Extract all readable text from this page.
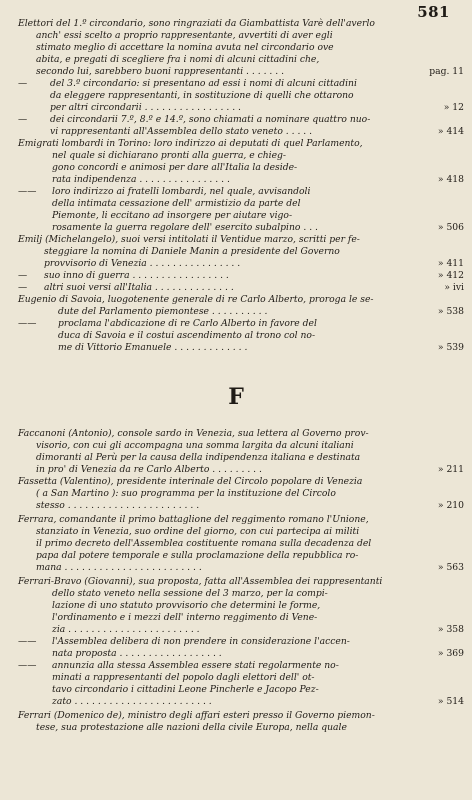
581
F
Elettori del 1.º circondario, sono ringraziati da Giambattista Varè dell'averlo
anch' essi scelto a proprio rappresentante, avvertiti di aver egli
stimato meglio di accettare la nomina avuta nel circondario ove
abita, e pregati di scegliere fra i nomi di alcuni cittadini che,
secondo lui, sarebbero buoni rappresentanti . . . . . . .	pag. 11
— del 3.º circondario: si presentano ad essi i nomi di alcuni cittadini
da eleggere rappresentanti, in sostituzione di quelli che ottarono
per altri circondarii . . . . . . . . . . . . . . . . .	» 12
— dei circondarii 7.º, 8.º e 14.º, sono chiamati a nominare quattro nuo-
vi rappresentanti all'Assemblea dello stato veneto . . . . .	» 414
Emigrati lombardi in Torino: loro indirizzo ai deputati di quel Parlamento,
nel quale si dichiarano pronti alla guerra, e chieg-
gono concordi e animosi per dare all'Italia la deside-
rata indipendenza . . . . . . . . . . . . . . . .	» 418
—— loro indirizzo ai fratelli lombardi, nel quale, avvisandoli
della intimata cessazione dell' armistizio da parte del
Piemonte, li eccitano ad insorgere per aiutare vigo-
rosamente la guerra regolare dell' esercito subalpino . . .	» 506
Emilj (Michelangelo), suoi versi intitolati il Ventidue marzo, scritti per fe-
steggiare la nomina di Daniele Manin a presidente del Governo
provvisorio di Venezia . . . . . . . . . . . . . . . .	» 411
— suo inno di guerra . . . . . . . . . . . . . . . . .	» 412
— altri suoi versi all'Italia . . . . . . . . . . . . . .	» ivi
Eugenio di Savoia, luogotenente generale di re Carlo Alberto, proroga le se-
dute del Parlamento piemontese . . . . . . . . . .	» 538
—— proclama l'abdicazione di re Carlo Alberto in favore del
duca di Savoia e il costui ascendimento al trono col no-
me di Vittorio Emanuele . . . . . . . . . . . . .	» 539
Faccanoni (Antonio), console sardo in Venezia, sua lettera al Governo prov-
visorio, con cui gli accompagna una somma largita da alcuni italiani
dimoranti al Perù per la causa della indipendenza italiana e destinata
in pro' di Venezia da re Carlo Alberto . . . . . . . . .	» 211
Fassetta (Valentino), presidente interinale del Circolo popolare di Venezia
( a San Martino ): suo programma per la instituzione del Circolo
stesso . . . . . . . . . . . . . . . . . . . . . . .	» 210
Ferrara, comandante il primo battaglione del reggimento romano l'Unione,
stanziato in Venezia, suo ordine del giorno, con cui partecipa ai militi
il primo decreto dell'Assemblea costituente romana sulla decadenza del
papa dal potere temporale e sulla proclamazione della repubblica ro-
mana . . . . . . . . . . . . . . . . . . . . . . . .	» 563
Ferrari-Bravo (Giovanni), sua proposta, fatta all'Assemblea dei rappresentanti
dello stato veneto nella sessione del 3 marzo, per la compi-
lazione di uno statuto provvisorio che determini le forme,
l'ordinamento e i mezzi dell' interno reggimento di Vene-
zia . . . . . . . . . . . . . . . . . . . . . . .	» 358
—— l'Assemblea delibera di non prendere in considerazione l'accen-
nata proposta . . . . . . . . . . . . . . . . . .	» 369
—— annunzia alla stessa Assemblea essere stati regolarmente no-
minati a rappresentanti del popolo dagli elettori dell' ot-
tavo circondario i cittadini Leone Pincherle e Jacopo Pez-
zato . . . . . . . . . . . . . . . . . . . . . . . .	» 514
Ferrari (Domenico de), ministro degli affari esteri presso il Governo piemon-
tese, sua protestazione alle nazioni della civile Europa, nella quale
